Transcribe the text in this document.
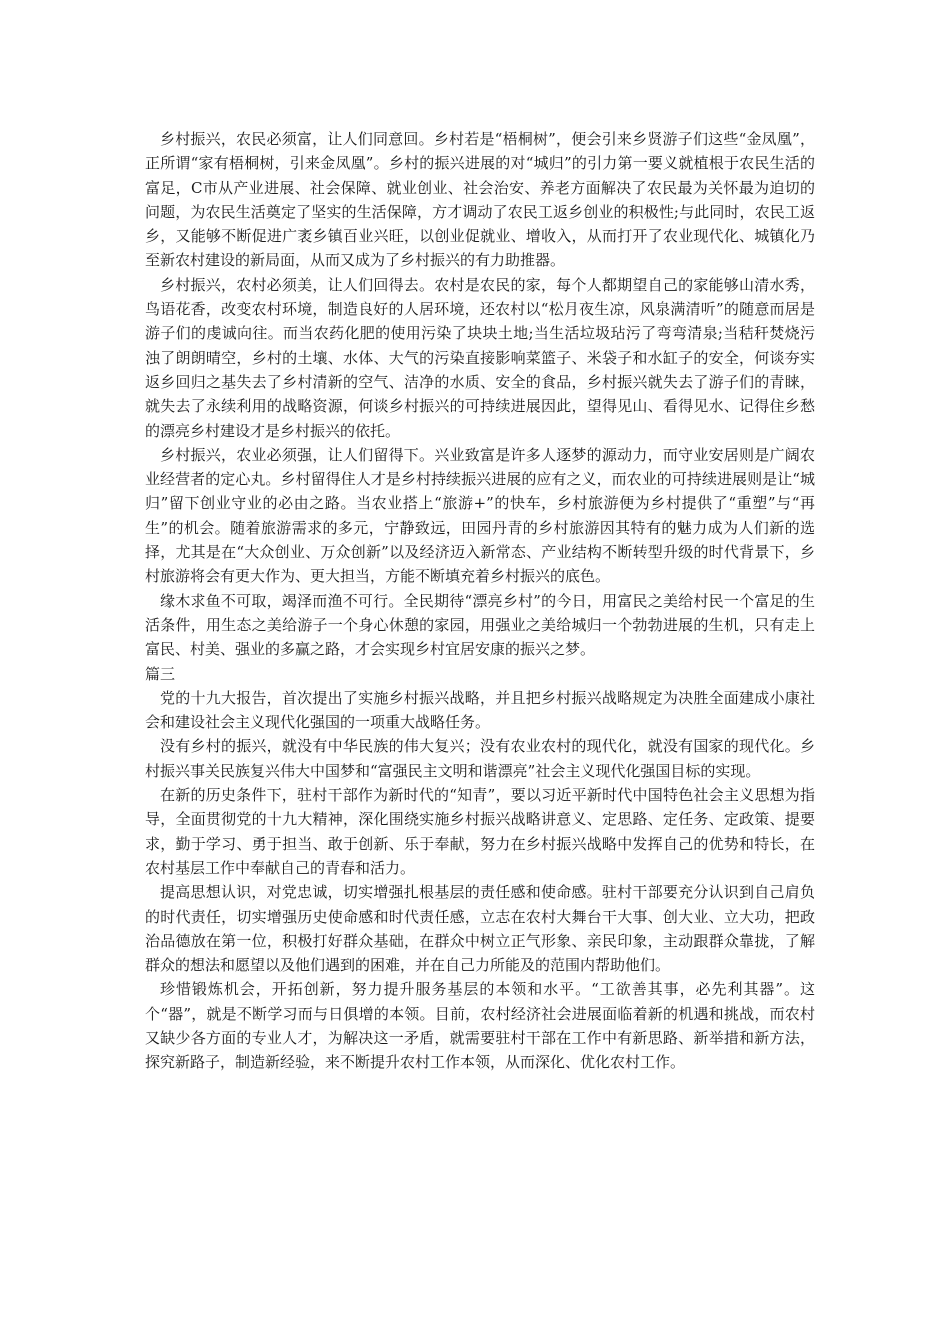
乡村振兴，农民必须富，让人们同意回。乡村若是“梧桐树”，便会引来乡贤游子们这些“金凤凰”，正所谓“家有梧桐树，引来金凤凰”。乡村的振兴进展的对“城归”的引力第一要义就植根于农民生活的富足，C市从产业进展、社会保障、就业创业、社会治安、养老方面解决了农民最为关怀最为迫切的问题，为农民生活奠定了坚实的生活保障，方才调动了农民工返乡创业的积极性;与此同时，农民工返乡，又能够不断促进广袤乡镇百业兴旺，以创业促就业、增收入，从而打开了农业现代化、城镇化乃至新农村建设的新局面，从而又成为了乡村振兴的有力助推器。

乡村振兴，农村必须美，让人们回得去。农村是农民的家，每个人都期望自己的家能够山清水秀，鸟语花香，改变农村环境，制造良好的人居环境，还农村以“松月夜生凉，风泉满清听”的随意而居是游子们的虔诚向往。而当农药化肥的使用污染了块块土地;当生活垃圾玷污了弯弯清泉;当秸秆焚烧污浊了朗朗晴空，乡村的土壤、水体、大气的污染直接影响菜篮子、米袋子和水缸子的安全，何谈夯实返乡回归之基失去了乡村清新的空气、洁净的水质、安全的食品，乡村振兴就失去了游子们的青睐，就失去了永续利用的战略资源，何谈乡村振兴的可持续进展因此，望得见山、看得见水、记得住乡愁的漂亮乡村建设才是乡村振兴的依托。

乡村振兴，农业必须强，让人们留得下。兴业致富是许多人逐梦的源动力，而守业安居则是广阔农业经营者的定心丸。乡村留得住人才是乡村持续振兴进展的应有之义，而农业的可持续进展则是让“城归”留下创业守业的必由之路。当农业搭上“旅游+”的快车，乡村旅游便为乡村提供了“重塑”与“再生”的机会。随着旅游需求的多元，宁静致远，田园丹青的乡村旅游因其特有的魅力成为人们新的选择，尤其是在“大众创业、万众创新”以及经济迈入新常态、产业结构不断转型升级的时代背景下，乡村旅游将会有更大作为、更大担当，方能不断填充着乡村振兴的底色。

缘木求鱼不可取，竭泽而渔不可行。全民期待“漂亮乡村”的今日，用富民之美给村民一个富足的生活条件，用生态之美给游子一个身心休憩的家园，用强业之美给城归一个勃勃进展的生机，只有走上富民、村美、强业的多赢之路，才会实现乡村宜居安康的振兴之梦。

篇三

党的十九大报告，首次提出了实施乡村振兴战略，并且把乡村振兴战略规定为决胜全面建成小康社会和建设社会主义现代化强国的一项重大战略任务。

没有乡村的振兴，就没有中华民族的伟大复兴；没有农业农村的现代化，就没有国家的现代化。乡村振兴事关民族复兴伟大中国梦和“富强民主文明和谐漂亮”社会主义现代化强国目标的实现。

在新的历史条件下，驻村干部作为新时代的“知青”，要以习近平新时代中国特色社会主义思想为指导，全面贯彻党的十九大精神，深化围绕实施乡村振兴战略讲意义、定思路、定任务、定政策、提要求，勤于学习、勇于担当、敢于创新、乐于奉献，努力在乡村振兴战略中发挥自己的优势和特长，在农村基层工作中奉献自己的青春和活力。

提高思想认识，对党忠诚，切实增强扎根基层的责任感和使命感。驻村干部要充分认识到自己肩负的时代责任，切实增强历史使命感和时代责任感，立志在农村大舞台干大事、创大业、立大功，把政治品德放在第一位，积极打好群众基础，在群众中树立正气形象、亲民印象，主动跟群众靠拢，了解群众的想法和愿望以及他们遇到的困难，并在自己力所能及的范围内帮助他们。

珍惜锻炼机会，开拓创新，努力提升服务基层的本领和水平。“工欲善其事，必先利其器”。这个“器”，就是不断学习而与日俱增的本领。目前，农村经济社会进展面临着新的机遇和挑战，而农村又缺少各方面的专业人才，为解决这一矛盾，就需要驻村干部在工作中有新思路、新举措和新方法，探究新路子，制造新经验，来不断提升农村工作本领，从而深化、优化农村工作。
